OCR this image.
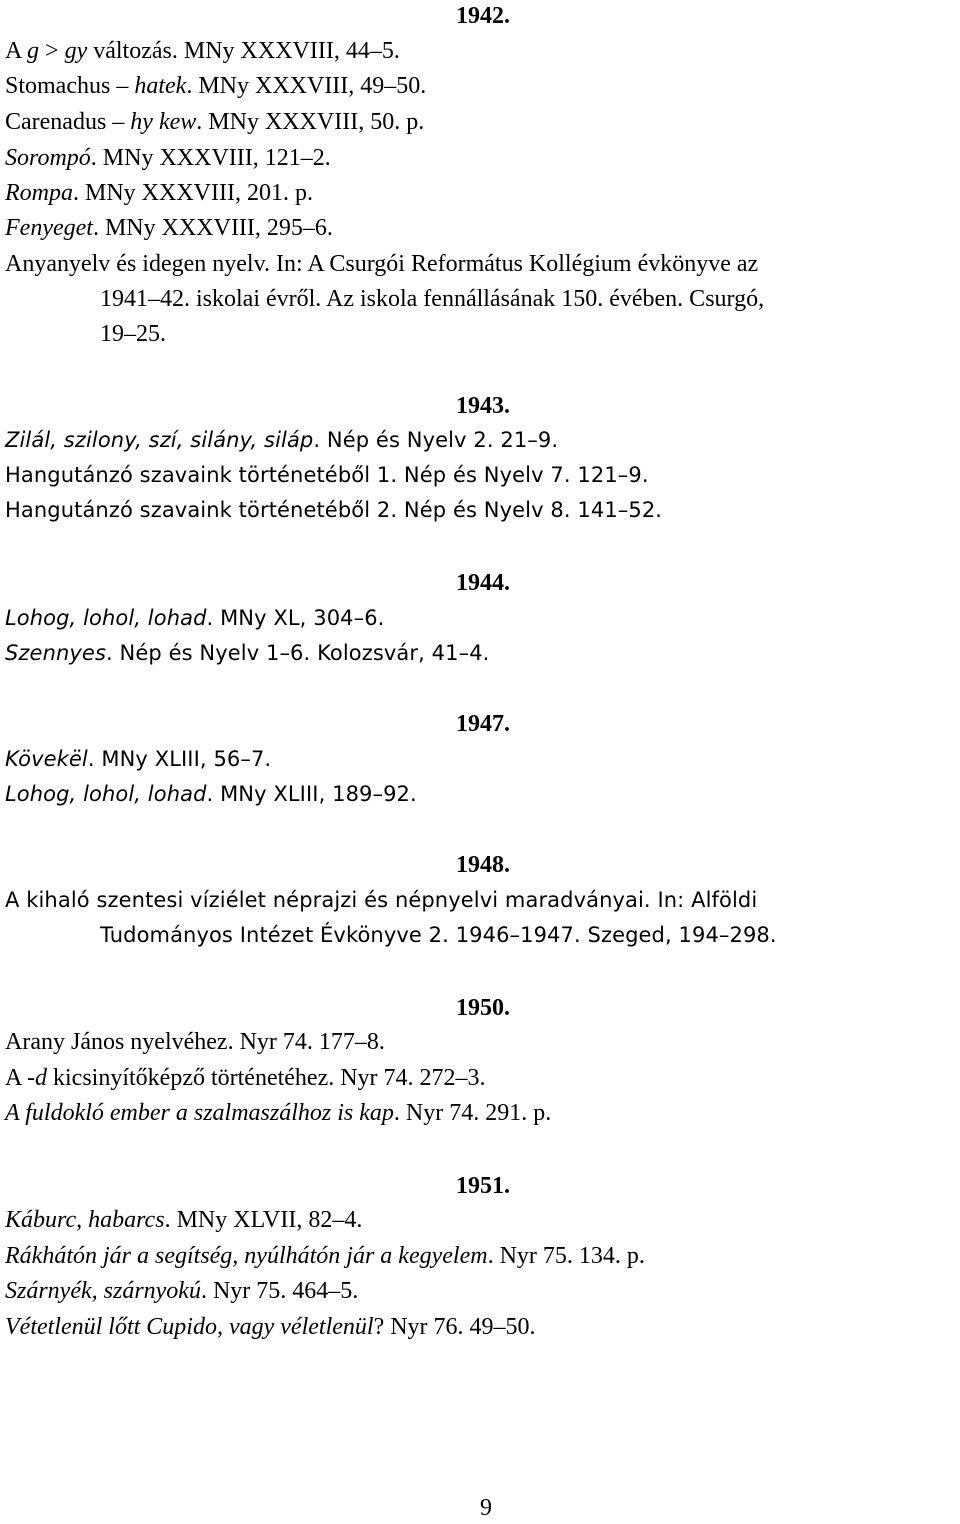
1942.
A g > gy változás. MNy XXXVIII, 44–5.
Stomachus – hatek. MNy XXXVIII, 49–50.
Carenadus – hy kew. MNy XXXVIII, 50. p.
Sorompó. MNy XXXVIII, 121–2.
Rompa. MNy XXXVIII, 201. p.
Fenyeget. MNy XXXVIII, 295–6.
Anyanyelv és idegen nyelv. In: A Csurgói Református Kollégium évkönyve az
1941–42. iskolai évről. Az iskola fennállásának 150. évében. Csurgó,
19–25.
1943.
Zilál, szilony, szí, silány, siláp. Nép és Nyelv 2. 21–9.
Hangutánzó szavaink történetéből 1. Nép és Nyelv 7. 121–9.
Hangutánzó szavaink történetéből 2. Nép és Nyelv 8. 141–52.
1944.
Lohog, lohol, lohad. MNy XL, 304–6.
Szennyes. Nép és Nyelv 1–6. Kolozsvár, 41–4.
1947.
Kövekël. MNy XLIII, 56–7.
Lohog, lohol, lohad. MNy XLIII, 189–92.
1948.
A kihaló szentesi víziélet néprajzi és népnyelvi maradványai. In: Alföldi
Tudományos Intézet Évkönyve 2. 1946–1947. Szeged, 194–298.
1950.
Arany János nyelvéhez. Nyr 74. 177–8.
A -d kicsinyítőképző történetéhez. Nyr 74. 272–3.
A fuldokló ember a szalmaszálhoz is kap. Nyr 74. 291. p.
1951.
Káburc, habarcs. MNy XLVII, 82–4.
Rákhátón jár a segítség, nyúlhátón jár a kegyelem. Nyr 75. 134. p.
Szárnyék, szárnyokú. Nyr 75. 464–5.
Vétetlenül lőtt Cupido, vagy véletlenül? Nyr 76. 49–50.
9
